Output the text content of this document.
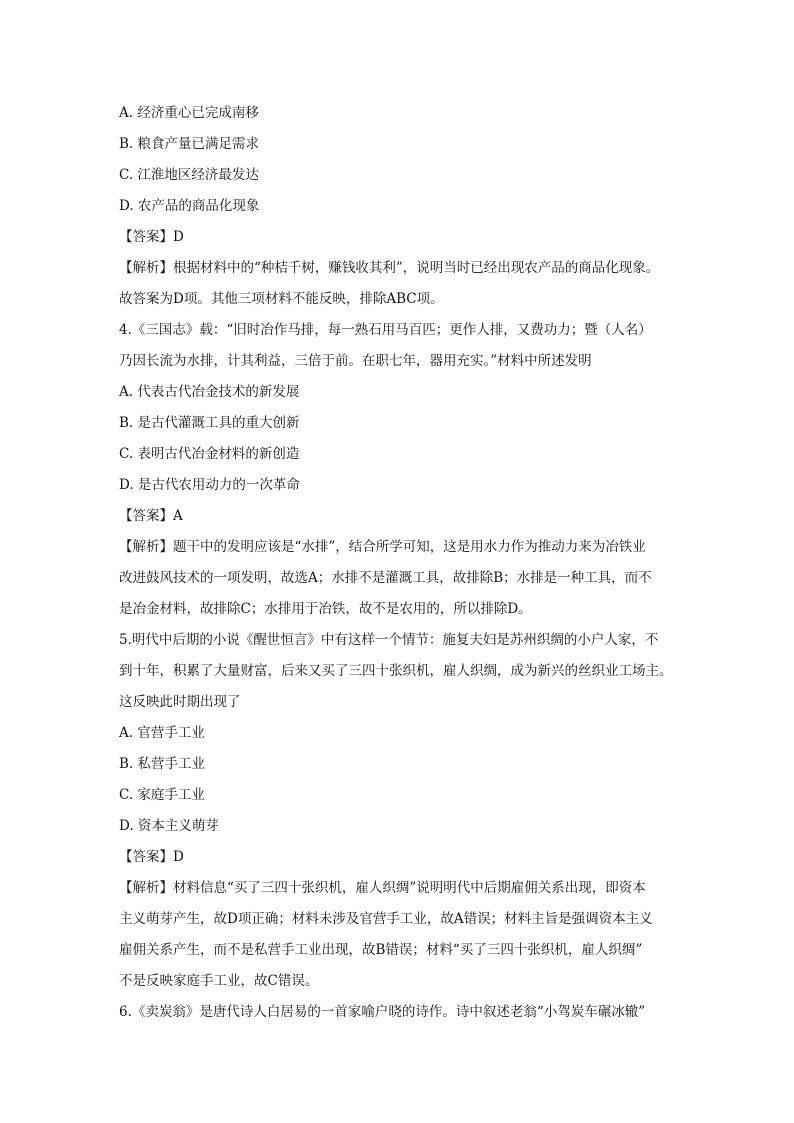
A. 经济重心已完成南移
B. 粮食产量已满足需求
C. 江淮地区经济最发达
D. 农产品的商品化现象
【答案】D
【解析】根据材料中的“种桔千树，赚钱收其利”，说明当时已经出现农产品的商品化现象。
故答案为D项。其他三项材料不能反映，排除ABC项。
4.《三国志》载：“旧时冶作马排，每一熟石用马百匹；更作人排，又费功力；暨（人名）
乃因长流为水排，计其利益，三倍于前。在职七年，器用充实。”材料中所述发明
A. 代表古代冶金技术的新发展
B. 是古代灌溉工具的重大创新
C. 表明古代冶金材料的新创造
D. 是古代农用动力的一次革命
【答案】A
【解析】题干中的发明应该是“水排”，结合所学可知，这是用水力作为推动力来为冶铁业
改进鼓风技术的一项发明，故选A；水排不是灌溉工具，故排除B；水排是一种工具，而不
是冶金材料，故排除C；水排用于冶铁，故不是农用的，所以排除D。
5.明代中后期的小说《醒世恒言》中有这样一个情节：施复夫妇是苏州织绸的小户人家，不
到十年，积累了大量财富，后来又买了三四十张织机，雇人织绸，成为新兴的丝织业工场主。
这反映此时期出现了
A. 官营手工业
B. 私营手工业
C. 家庭手工业
D. 资本主义萌芽
【答案】D
【解析】材料信息“买了三四十张织机，雇人织绸”说明明代中后期雇佣关系出现，即资本
主义萌芽产生，故D项正确；材料未涉及官营手工业，故A错误；材料主旨是强调资本主义
雇佣关系产生，而不是私营手工业出现，故B错误；材料“买了三四十张织机，雇人织绸”
不是反映家庭手工业，故C错误。
6.《卖炭翁》是唐代诗人白居易的一首家喻户晓的诗作。诗中叙述老翁“小驾炭车碾冰辙”
